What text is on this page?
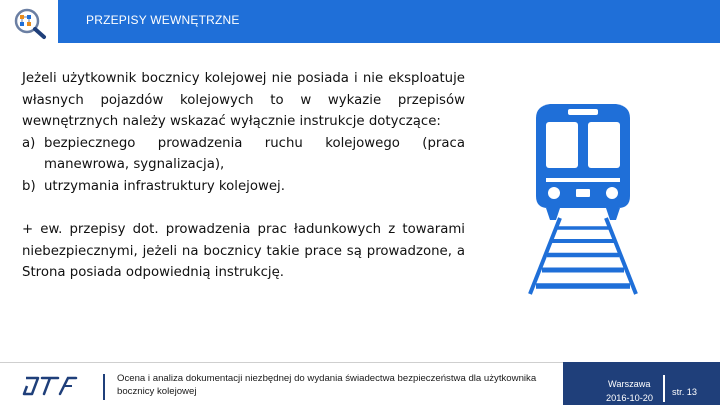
PRZEPISY WEWNĘTRZNE

Jeżeli użytkownik bocznicy kolejowej nie posiada i nie eksploatuje własnych pojazdów kolejowych to w wykazie przepisów wewnętrznych należy wskazać wyłącznie instrukcje dotyczące:

a) bezpiecznego prowadzenia ruchu kolejowego (praca manewrowa, sygnalizacja),
b) utrzymania infrastruktury kolejowej.

+ ew. przepisy dot. prowadzenia prac ładunkowych z towarami niebezpiecznymi, jeżeli na bocznicy takie prace są prowadzone, a Strona posiada odpowiednią instrukcję.

Ocena i analiza dokumentacji niezbędnej do wydania świadectwa bezpieczeństwa dla użytkownika bocznicy kolejowej
Warszawa
2016-10-20
str. 13
